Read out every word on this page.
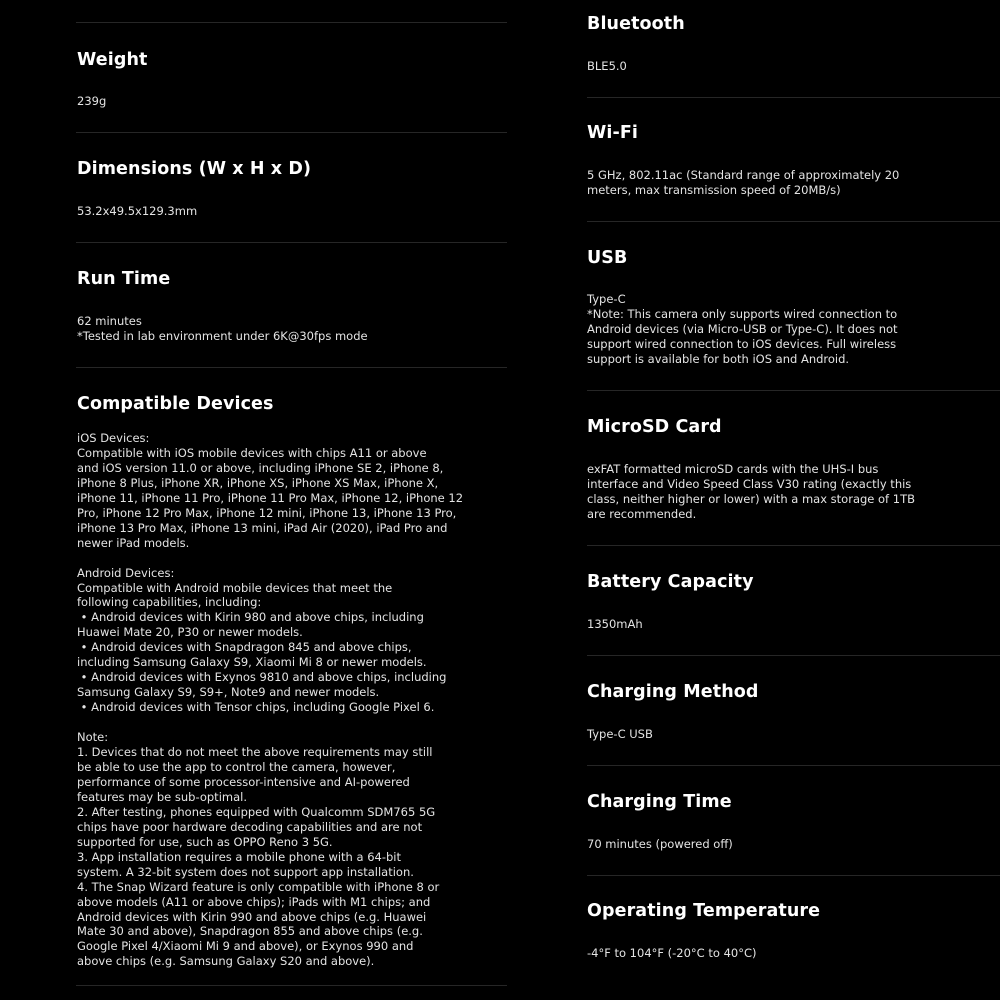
Weight
239g
Dimensions (W x H x D)
53.2x49.5x129.3mm
Run Time
62 minutes
*Tested in lab environment under 6K@30fps mode
Compatible Devices
iOS Devices:
Compatible with iOS mobile devices with chips A11 or above
and iOS version 11.0 or above, including iPhone SE 2, iPhone 8,
iPhone 8 Plus, iPhone XR, iPhone XS, iPhone XS Max, iPhone X,
iPhone 11, iPhone 11 Pro, iPhone 11 Pro Max, iPhone 12, iPhone 12
Pro, iPhone 12 Pro Max, iPhone 12 mini, iPhone 13, iPhone 13 Pro,
iPhone 13 Pro Max, iPhone 13 mini, iPad Air (2020), iPad Pro and
newer iPad models.

Android Devices:
Compatible with Android mobile devices that meet the
following capabilities, including:
• Android devices with Kirin 980 and above chips, including
Huawei Mate 20, P30 or newer models.
• Android devices with Snapdragon 845 and above chips,
including Samsung Galaxy S9, Xiaomi Mi 8 or newer models.
• Android devices with Exynos 9810 and above chips, including
Samsung Galaxy S9, S9+, Note9 and newer models.
• Android devices with Tensor chips, including Google Pixel 6.

Note:
1. Devices that do not meet the above requirements may still
be able to use the app to control the camera, however,
performance of some processor-intensive and AI-powered
features may be sub-optimal.
2. After testing, phones equipped with Qualcomm SDM765 5G
chips have poor hardware decoding capabilities and are not
supported for use, such as OPPO Reno 3 5G.
3. App installation requires a mobile phone with a 64-bit
system. A 32-bit system does not support app installation.
4. The Snap Wizard feature is only compatible with iPhone 8 or
above models (A11 or above chips); iPads with M1 chips; and
Android devices with Kirin 990 and above chips (e.g. Huawei
Mate 30 and above), Snapdragon 855 and above chips (e.g.
Google Pixel 4/Xiaomi Mi 9 and above), or Exynos 990 and
above chips (e.g. Samsung Galaxy S20 and above).
Bluetooth
BLE5.0
Wi-Fi
5 GHz, 802.11ac (Standard range of approximately 20
meters, max transmission speed of 20MB/s)
USB
Type-C
*Note: This camera only supports wired connection to
Android devices (via Micro-USB or Type-C). It does not
support wired connection to iOS devices. Full wireless
support is available for both iOS and Android.
MicroSD Card
exFAT formatted microSD cards with the UHS-I bus
interface and Video Speed Class V30 rating (exactly this
class, neither higher or lower) with a max storage of 1TB
are recommended.
Battery Capacity
1350mAh
Charging Method
Type-C USB
Charging Time
70 minutes (powered off)
Operating Temperature
-4°F to 104°F (-20°C to 40°C)
